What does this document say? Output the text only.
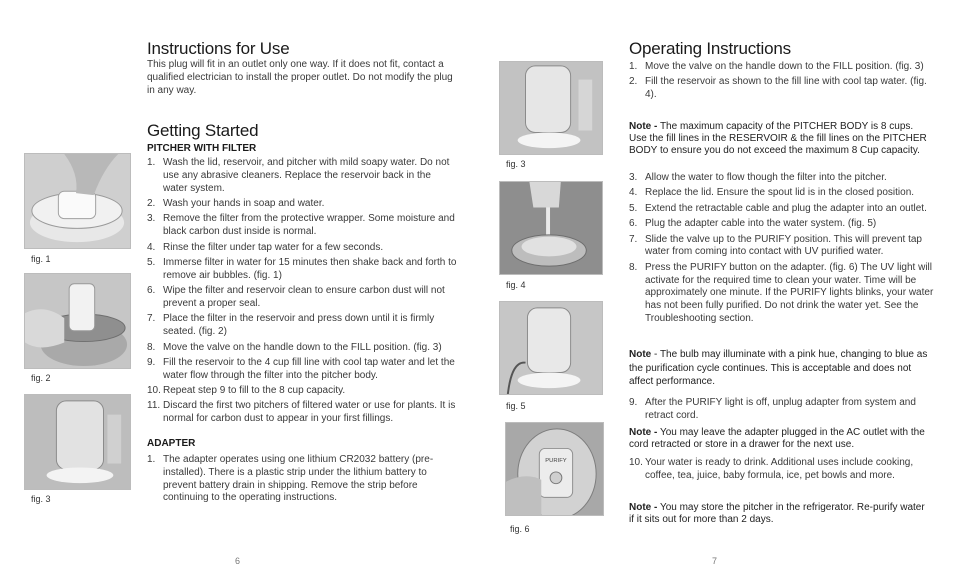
Instructions for Use
This plug will fit in an outlet only one way. If it does not fit, contact a qualified electrician to install the proper outlet. Do not modify the plug in any way.
Getting Started
PITCHER WITH FILTER
1. Wash the lid, reservoir, and pitcher with mild soapy water. Do not use any abrasive cleaners. Replace the reservoir back in the water system.
2. Wash your hands in soap and water.
3. Remove the filter from the protective wrapper. Some moisture and black carbon dust inside is normal.
4. Rinse the filter under tap water for a few seconds.
5. Immerse filter in water for 15 minutes then shake back and forth to remove air bubbles. (fig. 1)
6. Wipe the filter and reservoir clean to ensure carbon dust will not prevent a proper seal.
7. Place the filter in the reservoir and press down until it is firmly seated. (fig. 2)
8. Move the valve on the handle down to the FILL position. (fig. 3)
9. Fill the reservoir to the 4 cup fill line with cool tap water and let the water flow through the filter into the pitcher body.
10. Repeat step 9 to fill to the 8 cup capacity.
11. Discard the first two pitchers of filtered water or use for plants. It is normal for carbon dust to appear in your first fillings.
ADAPTER
1. The adapter operates using one lithium CR2032 battery (pre-installed). There is a plastic strip under the lithium battery to prevent battery drain in shipping. Remove the strip before continuing to the operating instructions.
fig. 1
fig. 2
fig. 3
6
Operating Instructions
1. Move the valve on the handle down to the FILL position. (fig. 3)
2. Fill the reservoir as shown to the fill line with cool tap water. (fig. 4).
Note - The maximum capacity of the PITCHER BODY is 8 cups. Use the fill lines in the RESERVOIR & the fill lines on the PITCHER BODY to ensure you do not exceed the maximum 8 Cup capacity.
3. Allow the water to flow though the filter into the pitcher.
4. Replace the lid. Ensure the spout lid is in the closed position.
5. Extend the retractable cable and plug the adapter into an outlet.
6. Plug the adapter cable into the water system. (fig. 5)
7. Slide the valve up to the PURIFY position. This will prevent tap water from coming into contact with UV purified water.
8. Press the PURIFY button on the adapter. (fig. 6) The UV light will activate for the required time to clean your water. Time will be approximately one minute. If the PURIFY lights blinks, your water has not been fully purified. Do not drink the water yet. See the Troubleshooting section.
Note - The bulb may illuminate with a pink hue, changing to blue as the purification cycle continues. This is acceptable and does not affect performance.
9. After the PURIFY light is off, unplug adapter from system and retract cord.
Note - You may leave the adapter plugged in the AC outlet with the cord retracted or store in a drawer for the next use.
10. Your water is ready to drink. Additional uses include cooking, coffee, tea, juice, baby formula, ice, pet bowls and more.
Note - You may store the pitcher in the refrigerator. Re-purify water if it sits out for more than 2 days.
fig. 3
fig. 4
fig. 5
PURIFY
fig. 6
7
